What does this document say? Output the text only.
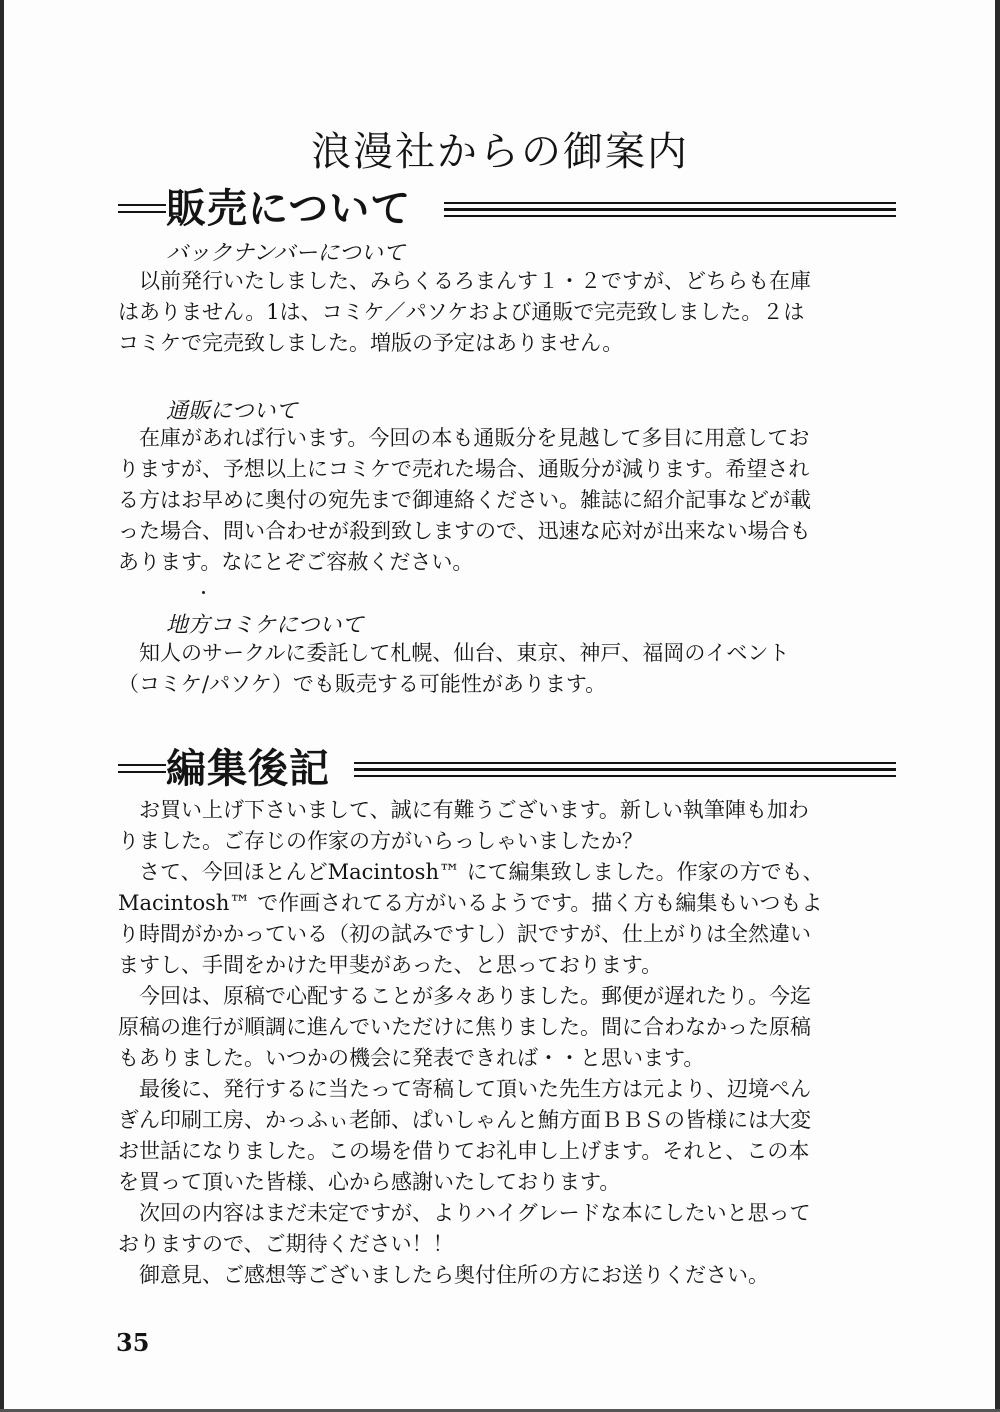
浪漫社からの御案内
販売について
バックナンバーについて

　以前発行いたしました、みらくるろまんす１・２ですが、どちらも在庫
はありません。1は、コミケ／パソケおよび通販で完売致しました。２は
コミケで完売致しました。増版の予定はありません。

通販について

　在庫があれば行います。今回の本も通販分を見越して多目に用意してお
りますが、予想以上にコミケで売れた場合、通販分が減ります。希望され
る方はお早めに奥付の宛先まで御連絡ください。雑誌に紹介記事などが載
った場合、問い合わせが殺到致しますので、迅速な応対が出来ない場合も
あります。なにとぞご容赦ください。

地方コミケについて

　知人のサークルに委託して札幌、仙台、東京、神戸、福岡のイベント
（コミケ/パソケ）でも販売する可能性があります。

編集後記

　お買い上げ下さいまして、誠に有難うございます。新しい執筆陣も加わ
りました。ご存じの作家の方がいらっしゃいましたか？
　さて、今回ほとんどMacintosh™ にて編集致しました。作家の方でも、
Macintosh™ で作画されてる方がいるようです。描く方も編集もいつもよ
り時間がかかっている（初の試みですし）訳ですが、仕上がりは全然違い
ますし、手間をかけた甲斐があった、と思っております。
　今回は、原稿で心配することが多々ありました。郵便が遅れたり。今迄
原稿の進行が順調に進んでいただけに焦りました。間に合わなかった原稿
もありました。いつかの機会に発表できれば・・と思います。
　最後に、発行するに当たって寄稿して頂いた先生方は元より、辺境ぺん
ぎん印刷工房、かっふぃ老師、ぱいしゃんと鮪方面ＢＢＳの皆様には大変
お世話になりました。この場を借りてお礼申し上げます。それと、この本
を買って頂いた皆様、心から感謝いたしております。
　次回の内容はまだ未定ですが、よりハイグレードな本にしたいと思って
おりますので、ご期待ください！！
　御意見、ご感想等ございましたら奥付住所の方にお送りください。

35
